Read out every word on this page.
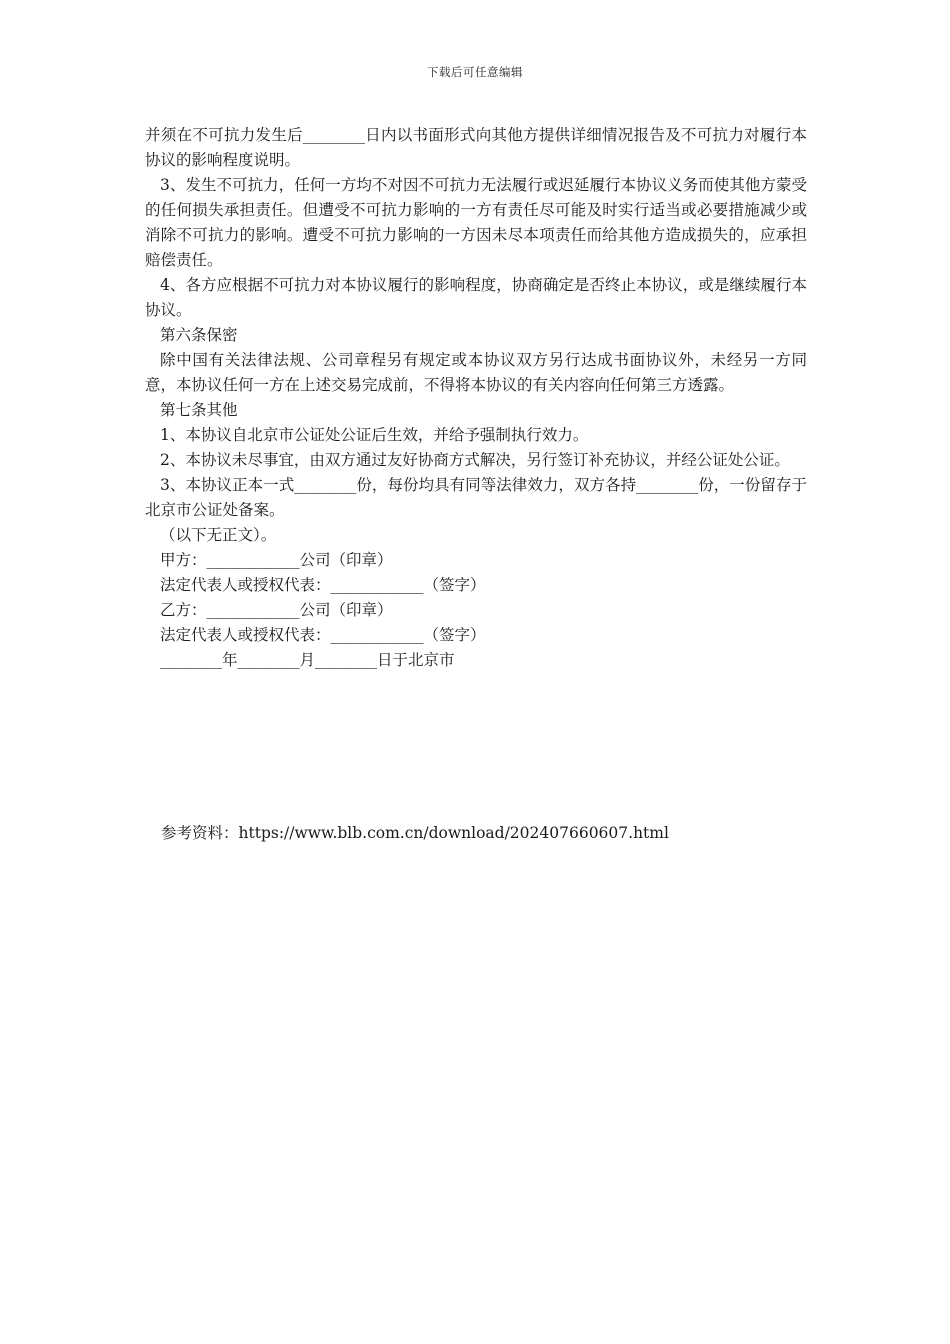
下载后可任意编辑

并须在不可抗力发生后________日内以书面形式向其他方提供详细情况报告及不可抗力对履行本协议的影响程度说明。

3、发生不可抗力，任何一方均不对因不可抗力无法履行或迟延履行本协议义务而使其他方蒙受的任何损失承担责任。但遭受不可抗力影响的一方有责任尽可能及时实行适当或必要措施减少或消除不可抗力的影响。遭受不可抗力影响的一方因未尽本项责任而给其他方造成损失的，应承担赔偿责任。

4、各方应根据不可抗力对本协议履行的影响程度，协商确定是否终止本协议，或是继续履行本协议。

第六条保密

除中国有关法律法规、公司章程另有规定或本协议双方另行达成书面协议外，未经另一方同意，本协议任何一方在上述交易完成前，不得将本协议的有关内容向任何第三方透露。

第七条其他

1、本协议自北京市公证处公证后生效，并给予强制执行效力。

2、本协议未尽事宜，由双方通过友好协商方式解决，另行签订补充协议，并经公证处公证。

3、本协议正本一式________份，每份均具有同等法律效力，双方各持________份，一份留存于北京市公证处备案。

（以下无正文）。

甲方：____________公司（印章）

法定代表人或授权代表：____________（签字）

乙方：____________公司（印章）

法定代表人或授权代表：____________（签字）

________年________月________日于北京市

参考资料：https://www.blb.com.cn/download/202407660607.html
